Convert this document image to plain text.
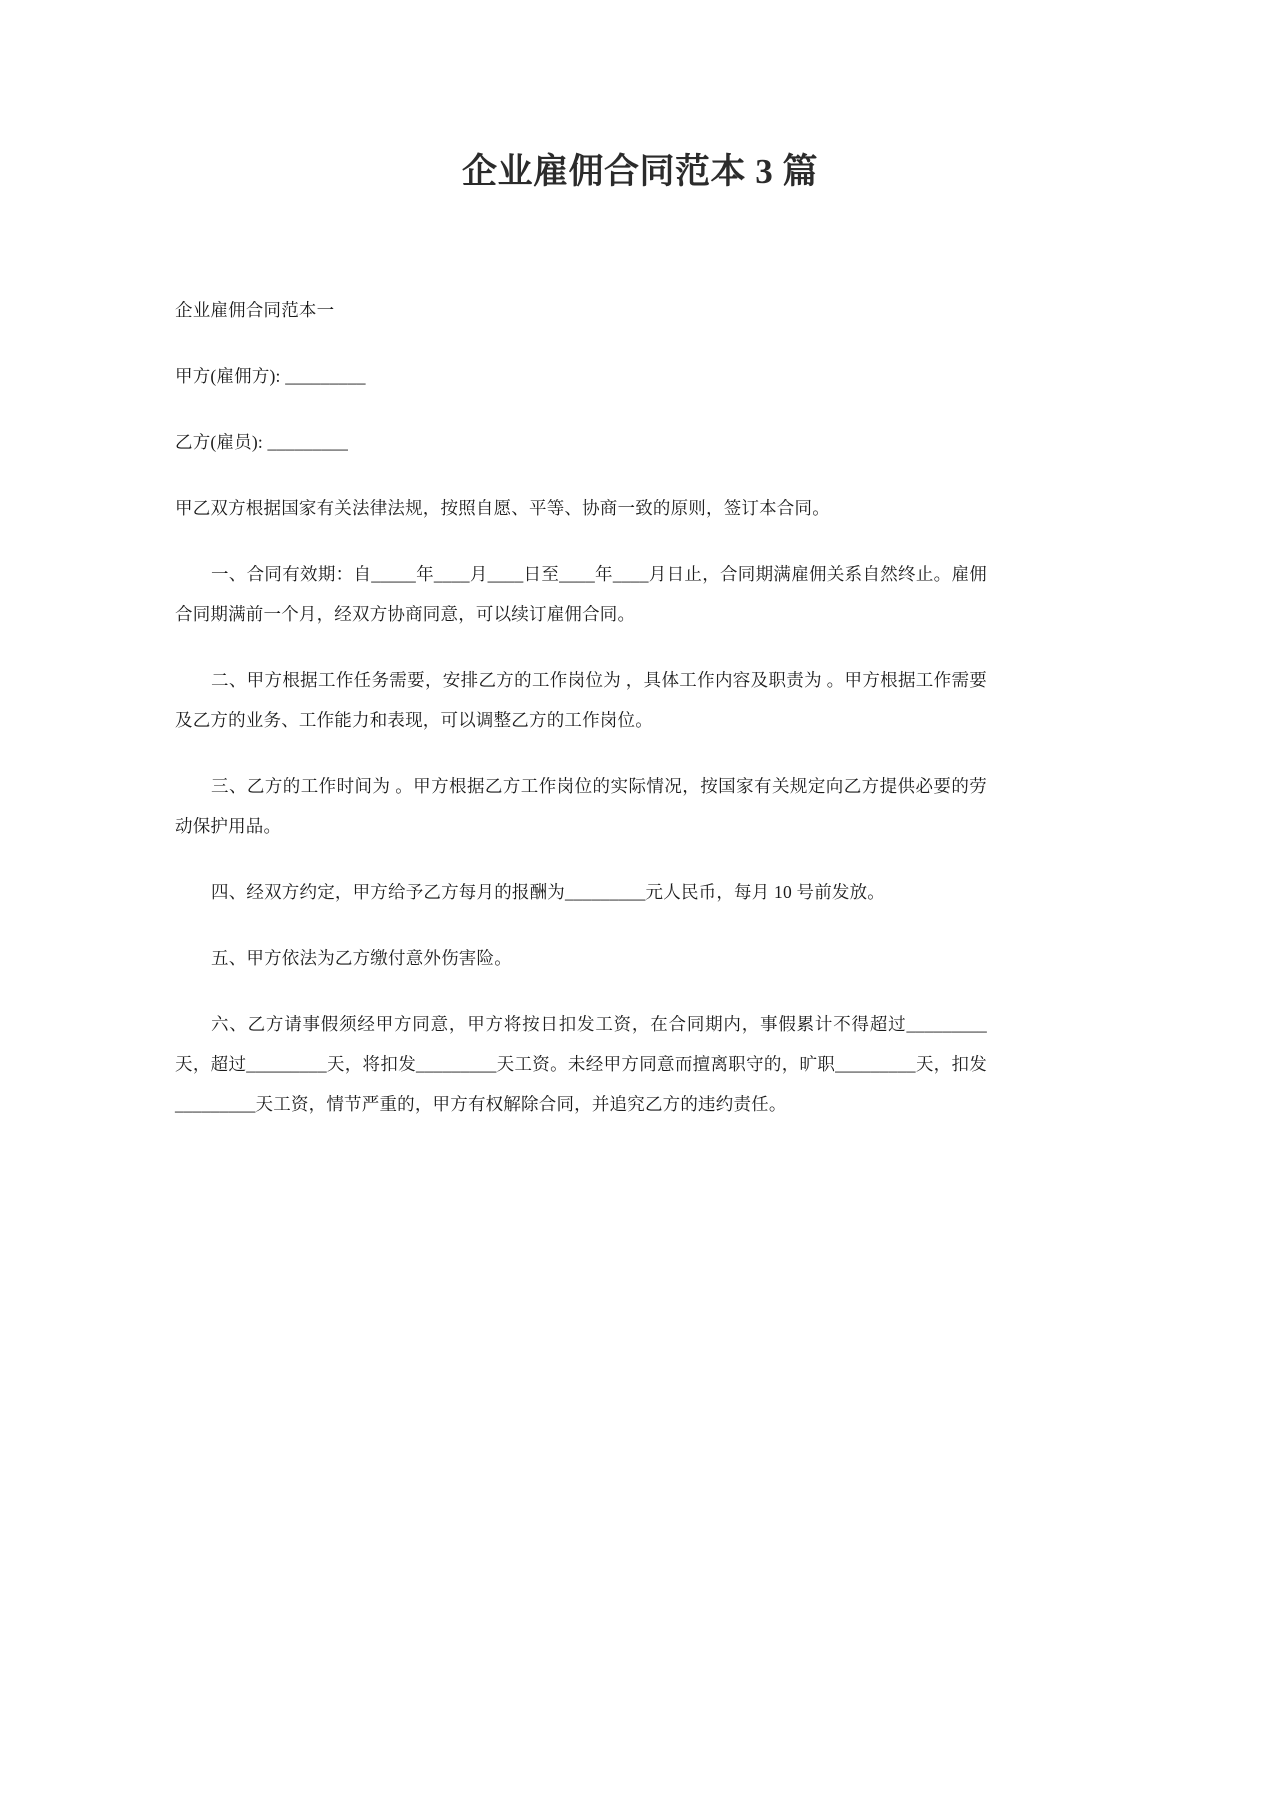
企业雇佣合同范本 3 篇

企业雇佣合同范本一

甲方(雇佣方): _________

乙方(雇员): _________

甲乙双方根据国家有关法律法规，按照自愿、平等、协商一致的原则，签订本合同。

一、合同有效期：自_____年____月____日至____年____月日止，合同期满雇佣关系自然终止。雇佣合同期满前一个月，经双方协商同意，可以续订雇佣合同。

二、甲方根据工作任务需要，安排乙方的工作岗位为 ，具体工作内容及职责为 。甲方根据工作需要及乙方的业务、工作能力和表现，可以调整乙方的工作岗位。

三、乙方的工作时间为 。甲方根据乙方工作岗位的实际情况，按国家有关规定向乙方提供必要的劳动保护用品。

四、经双方约定，甲方给予乙方每月的报酬为_________元人民币，每月 10 号前发放。

五、甲方依法为乙方缴付意外伤害险。

六、乙方请事假须经甲方同意，甲方将按日扣发工资，在合同期内，事假累计不得超过_________天，超过_________天，将扣发_________天工资。未经甲方同意而擅离职守的，旷职_________天，扣发_________天工资，情节严重的，甲方有权解除合同，并追究乙方的违约责任。
